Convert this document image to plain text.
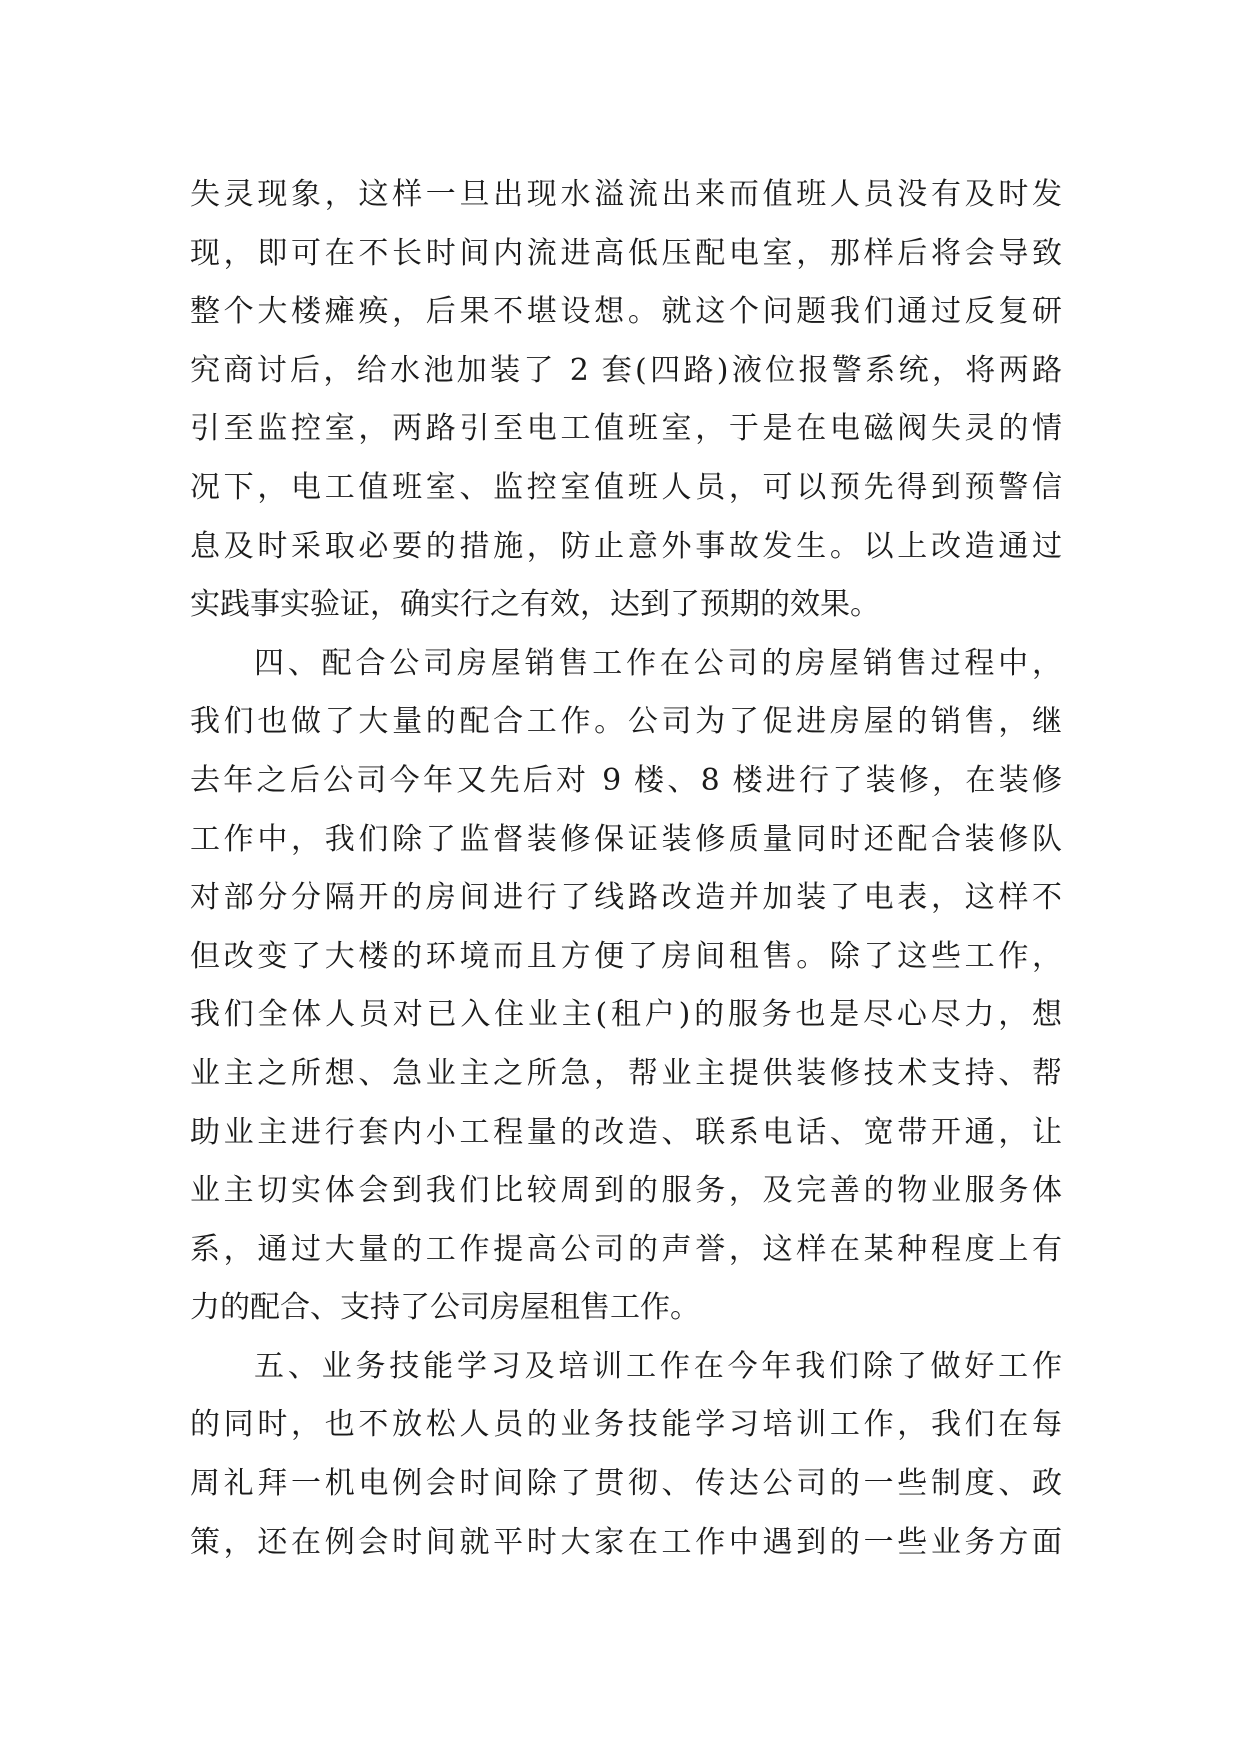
失灵现象，这样一旦出现水溢流出来而值班人员没有及时发
现，即可在不长时间内流进高低压配电室，那样后将会导致
整个大楼瘫痪，后果不堪设想。就这个问题我们通过反复研
究商讨后，给水池加装了 2 套(四路)液位报警系统，将两路
引至监控室，两路引至电工值班室，于是在电磁阀失灵的情
况下，电工值班室、监控室值班人员，可以预先得到预警信
息及时采取必要的措施，防止意外事故发生。以上改造通过
实践事实验证，确实行之有效，达到了预期的效果。
四、配合公司房屋销售工作在公司的房屋销售过程中，
我们也做了大量的配合工作。公司为了促进房屋的销售，继
去年之后公司今年又先后对 9 楼、8 楼进行了装修，在装修
工作中，我们除了监督装修保证装修质量同时还配合装修队
对部分分隔开的房间进行了线路改造并加装了电表，这样不
但改变了大楼的环境而且方便了房间租售。除了这些工作，
我们全体人员对已入住业主(租户)的服务也是尽心尽力，想
业主之所想、急业主之所急，帮业主提供装修技术支持、帮
助业主进行套内小工程量的改造、联系电话、宽带开通，让
业主切实体会到我们比较周到的服务，及完善的物业服务体
系，通过大量的工作提高公司的声誉，这样在某种程度上有
力的配合、支持了公司房屋租售工作。
五、业务技能学习及培训工作在今年我们除了做好工作
的同时，也不放松人员的业务技能学习培训工作，我们在每
周礼拜一机电例会时间除了贯彻、传达公司的一些制度、政
策，还在例会时间就平时大家在工作中遇到的一些业务方面
